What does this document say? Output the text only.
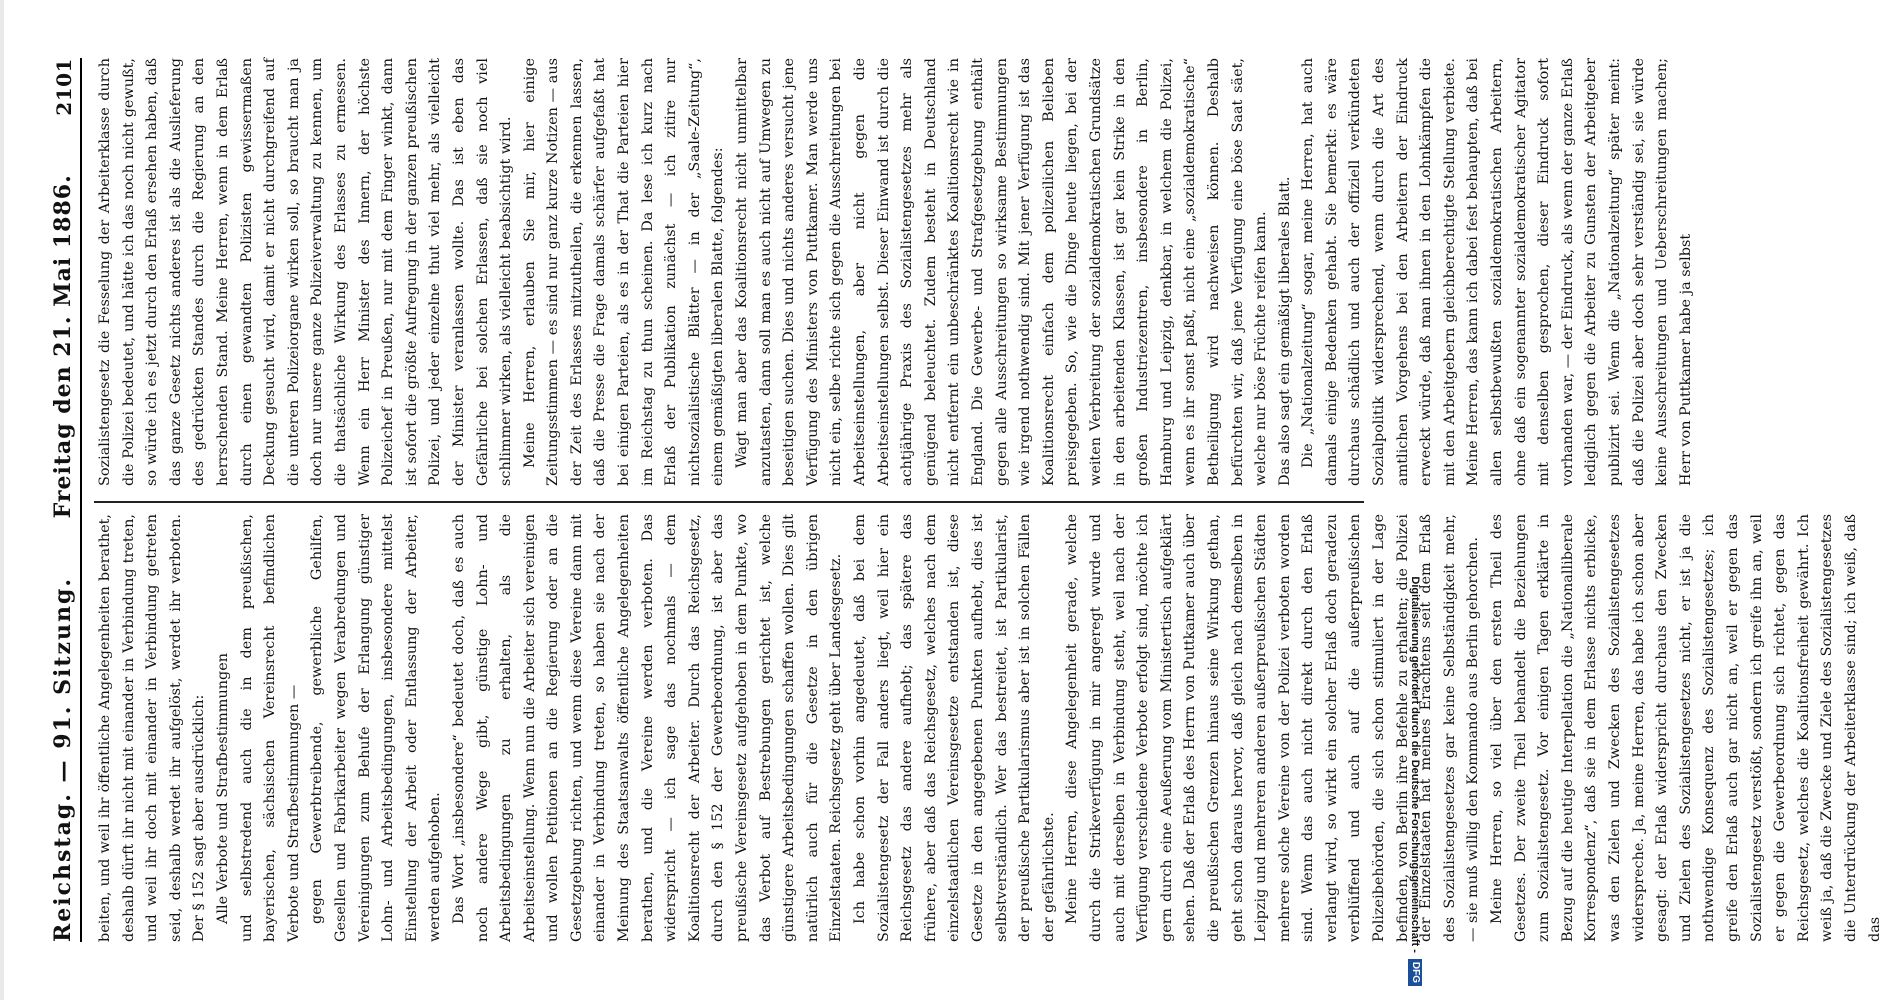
Reichstag. — 91. Sitzung.
Freitag den 21. Mai 1886.
2101

beiten, und weil ihr öffentliche Angelegenheiten berathet, deshalb dürft ihr nicht mit einander in Verbindung treten, und weil ihr doch mit einander in Verbindung getreten seid, deshalb werdet ihr aufgelöst, werdet ihr verboten. Der § 152 sagt aber ausdrücklich: Alle Verbote und Strafbestimmungen und selbstredend auch die in dem preußischen, bayerischen, sächsischen Vereinsrecht befindlichen Verbote und Strafbestimmungen — gegen Gewerbtreibende, gewerbliche Gehilfen, Gesellen und Fabrikarbeiter wegen Verabredungen und Vereinigungen zum Behufe der Erlangung günstiger Lohn- und Arbeitsbedingungen, insbesondere mittelst Einstellung der Arbeit oder Entlassung der Arbeiter, werden aufgehoben. Das Wort „insbesondere“ bedeutet doch, daß es auch noch andere Wege gibt, günstige Lohn- und Arbeitsbedingungen zu erhalten, als die Arbeitseinstellung. Wenn nun die Arbeiter sich vereinigen und wollen Petitionen an die Regierung oder an die Gesetzgebung richten, und wenn diese Vereine dann mit einander in Verbindung treten, so haben sie nach der Meinung des Staatsanwalts öffentliche Angelegenheiten berathen, und die Vereine werden verboten. Das widerspricht — ich sage das nochmals — dem Koalitionsrecht der Arbeiter. Durch das Reichsgesetz, durch den § 152 der Gewerbeordnung, ist aber das preußische Vereinsgesetz aufgehoben in dem Punkte, wo das Verbot auf Bestrebungen gerichtet ist, welche günstigere Arbeitsbedingungen schaffen wollen. Dies gilt natürlich auch für die Gesetze in den übrigen Einzelstaaten. Reichsgesetz geht über Landesgesetz. Ich habe schon vorhin angedeutet, daß bei dem Sozialistengesetz der Fall anders liegt, weil hier ein Reichsgesetz das andere aufhebt; das spätere das frühere, aber daß das Reichsgesetz, welches nach dem einzelstaatlichen Vereinsgesetze entstanden ist, diese Gesetze in den angegebenen Punkten aufhebt, dies ist selbstverständlich. Wer das bestreitet, ist Partikularist, der preußische Partikularismus aber ist in solchen Fällen der gefährlichste. Meine Herren, diese Angelegenheit gerade, welche durch die Strikeverfügung in mir angeregt wurde und auch mit derselben in Verbindung steht, weil nach der Verfügung verschiedene Verbote erfolgt sind, möchte ich gern durch eine Aeußerung vom Ministertisch aufgeklärt sehen. Daß der Erlaß des Herrn von Puttkamer auch über die preußischen Grenzen hinaus seine Wirkung gethan, geht schon daraus hervor, daß gleich nach demselben in Leipzig und mehreren anderen außerpreußischen Städten mehrere solche Vereine von der Polizei verboten worden sind. Wenn das auch nicht direkt durch den Erlaß verlangt wird, so wirkt ein solcher Erlaß doch geradezu verblüffend und auch auf die außerpreußischen Polizeibehörden, die sich schon stimuliert in der Lage befinden, von Berlin ihre Befehle zu erhalten; die Polizei der Einzelstaaten hat meines Erachtens seit dem Erlaß des Sozialistengesetzes gar keine Selbständigkeit mehr, — sie muß willig den Kommando aus Berlin gehorchen. Meine Herren, so viel über den ersten Theil des Gesetzes. Der zweite Theil behandelt die Beziehungen zum Sozialistengesetz. Vor einigen Tagen erklärte in Bezug auf die heutige Interpellation die „Nationalliberale Korrespondenz“, daß sie in dem Erlasse nichts erblicke, was den Zielen und Zwecken des Sozialistengesetzes widerspreche. Ja, meine Herren, das habe ich schon aber gesagt: der Erlaß widerspricht durchaus den Zwecken und Zielen des Sozialistengesetzes nicht, er ist ja die nothwendige Konsequenz des Sozialistengesetzes; ich greife den Erlaß auch gar nicht an, weil er gegen das Sozialistengesetz verstößt, sondern ich greife ihn an, weil er gegen die Gewerbeordnung sich richtet, gegen das Reichsgesetz, welches die Koalitionsfreiheit gewährt. Ich weiß ja, daß die Zwecke und Ziele des Sozialistengesetzes die Unterdrückung der Arbeiterklasse sind; ich weiß, daß das

Sozialistengesetz die Fesselung der Arbeiterklasse durch die Polizei bedeutet, und hätte ich das noch nicht gewußt, so würde ich es jetzt durch den Erlaß ersehen haben, daß das ganze Gesetz nichts anderes ist als die Auslieferung des gedrückten Standes durch die Regierung an den herrschenden Stand. Meine Herren, wenn in dem Erlaß durch einen gewandten Polizisten gewissermaßen Deckung gesucht wird, damit er nicht durchgreifend auf die unteren Polizeiorgane wirken soll, so braucht man ja doch nur unsere ganze Polizeiverwaltung zu kennen, um die thatsächliche Wirkung des Erlasses zu ermessen. Wenn ein Herr Minister des Innern, der höchste Polizeichef in Preußen, nur mit dem Finger winkt, dann ist sofort die größte Aufregung in der ganzen preußischen Polizei, und jeder einzelne thut viel mehr, als vielleicht der Minister veranlassen wollte. Das ist eben das Gefährliche bei solchen Erlassen, daß sie noch viel schlimmer wirken, als vielleicht beabsichtigt wird. Meine Herren, erlauben Sie mir, hier einige Zeitungsstimmen — es sind nur ganz kurze Notizen — aus der Zeit des Erlasses mitzutheilen, die erkennen lassen, daß die Presse die Frage damals schärfer aufgefaßt hat bei einigen Parteien, als es in der That die Parteien hier im Reichstag zu thun scheinen. Da lese ich kurz nach Erlaß der Publikation zunächst — ich zitire nur nichtsozialistische Blätter — in der „Saale-Zeitung“, einem gemäßigten liberalen Blatte, folgendes: Wagt man aber das Koalitionsrecht nicht unmittelbar anzutasten, dann soll man es auch nicht auf Umwegen zu beseitigen suchen. Dies und nichts anderes versucht jene Verfügung des Ministers von Puttkamer. Man werde uns nicht ein, selbe richte sich gegen die Ausschreitungen bei Arbeitseinstellungen, aber nicht gegen die Arbeitseinstellungen selbst. Dieser Einwand ist durch die achtjährige Praxis des Sozialistengesetzes mehr als genügend beleuchtet. Zudem besteht in Deutschland nicht entfernt ein unbeschränktes Koalitionsrecht wie in England. Die Gewerbe- und Strafgesetzgebung enthält gegen alle Ausschreitungen so wirksame Bestimmungen wie irgend nothwendig sind. Mit jener Verfügung ist das Koalitionsrecht einfach dem polizeilichen Belieben preisgegeben. So, wie die Dinge heute liegen, bei der weiten Verbreitung der sozialdemokratischen Grundsätze in den arbeitenden Klassen, ist gar kein Strike in den großen Industriezentren, insbesondere in Berlin, Hamburg und Leipzig, denkbar, in welchem die Polizei, wenn es ihr sonst paßt, nicht eine „sozialdemokratische“ Betheiligung wird nachweisen können. Deshalb befürchten wir, daß jene Verfügung eine böse Saat säet, welche nur böse Früchte reifen kann. Das also sagt ein gemäßigt liberales Blatt. Die „Nationalzeitung“ sogar, meine Herren, hat auch damals einige Bedenken gehabt. Sie bemerkt: es wäre durchaus schädlich und auch der offiziell verkündeten Sozialpolitik widersprechend, wenn durch die Art des amtlichen Vorgehens bei den Arbeitern der Eindruck erweckt würde, daß man ihnen in den Lohnkämpfen die mit den Arbeitgebern gleichberechtigte Stellung verbiete. Meine Herren, das kann ich dabei fest behaupten, daß bei allen selbstbewußten sozialdemokratischen Arbeitern, ohne daß ein sogenannter sozialdemokratischer Agitator mit denselben gesprochen, dieser Eindruck sofort vorhanden war, — der Eindruck, als wenn der ganze Erlaß lediglich gegen die Arbeiter zu Gunsten der Arbeitgeber publizirt sei. Wenn die „Nationalzeitung“ später meint: daß die Polizei aber doch sehr verständig sei, sie würde keine Ausschreitungen und Ueberschreitungen machen; Herr von Puttkamer habe ja selbst

Digitalisierung gefördert durch die Deutsche Forschungsgemeinschaft -
DFG
